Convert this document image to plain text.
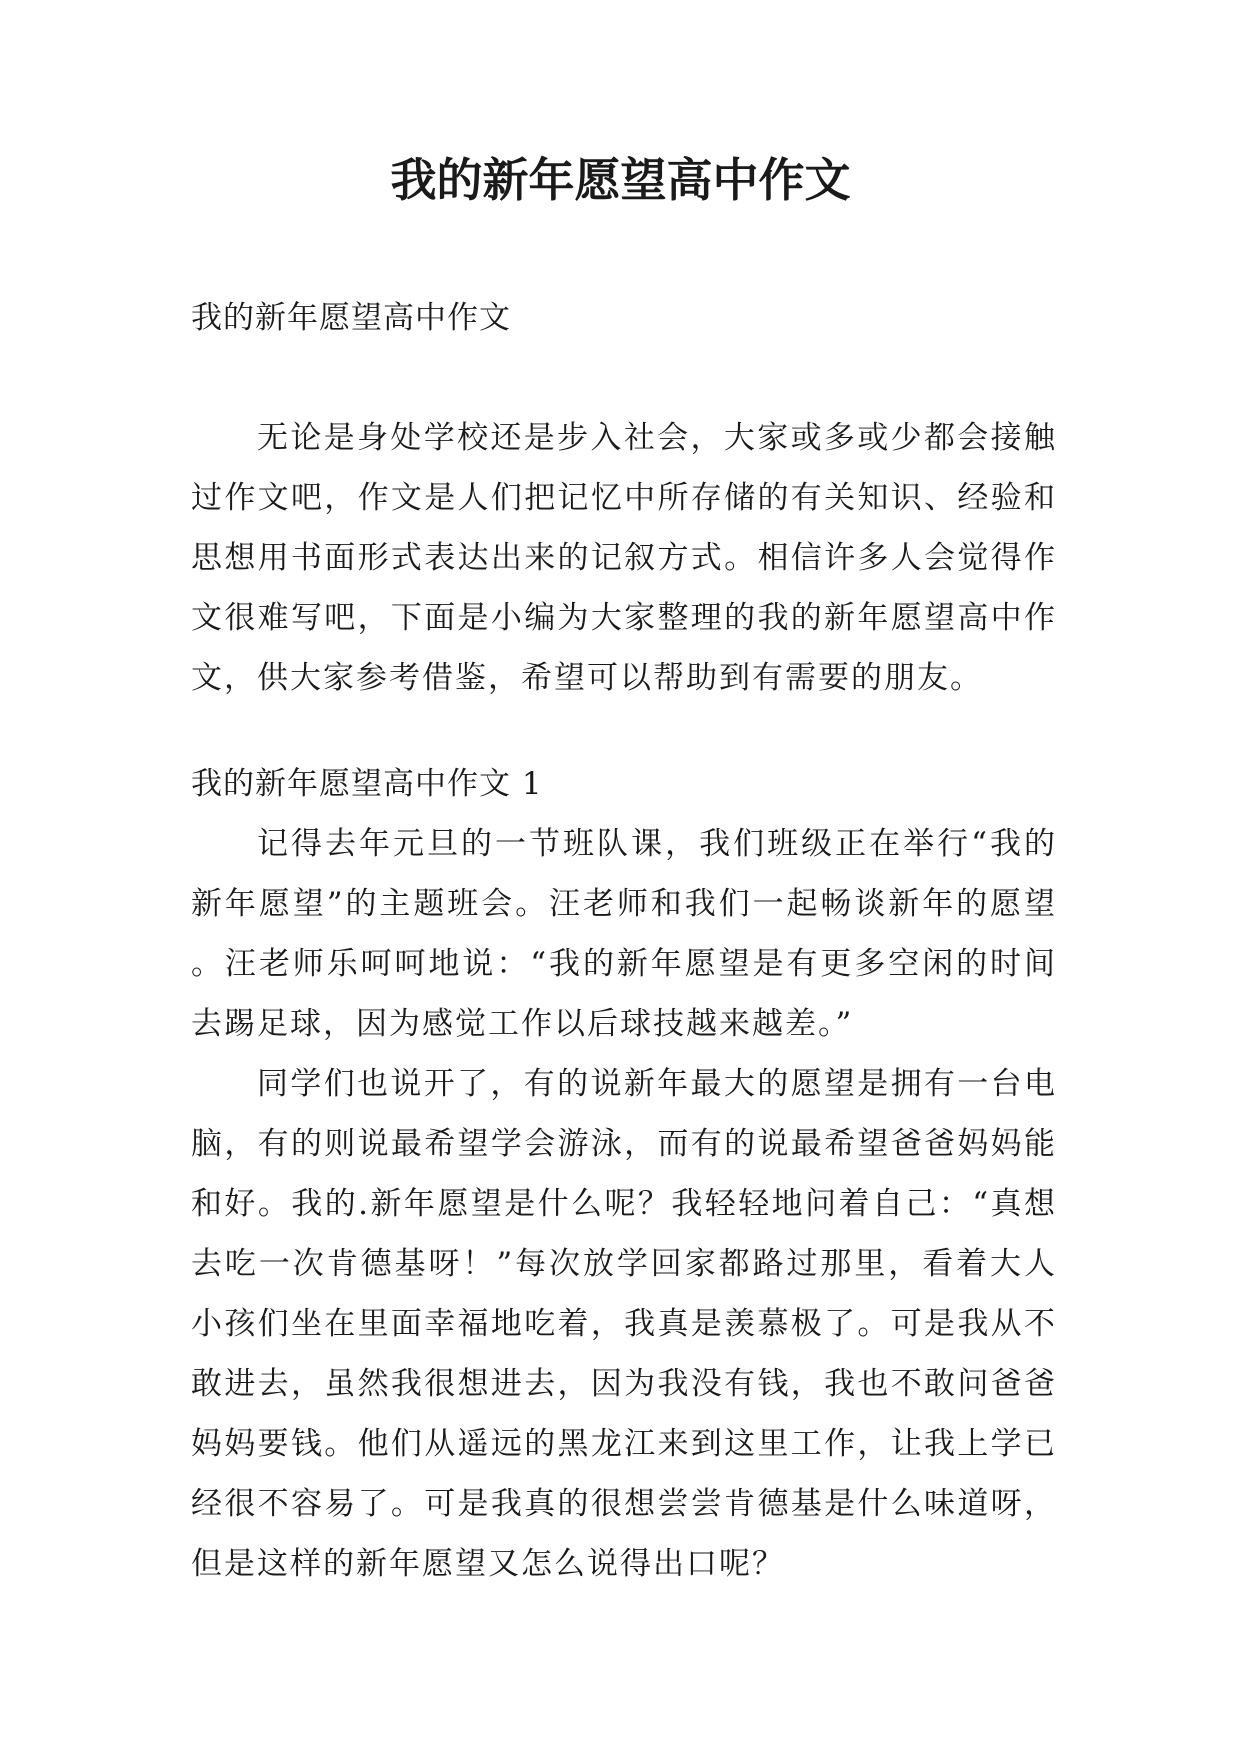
我的新年愿望高中作文

我的新年愿望高中作文

无论是身处学校还是步入社会，大家或多或少都会接触过作文吧，作文是人们把记忆中所存储的有关知识、经验和思想用书面形式表达出来的记叙方式。相信许多人会觉得作文很难写吧，下面是小编为大家整理的我的新年愿望高中作文，供大家参考借鉴，希望可以帮助到有需要的朋友。

我的新年愿望高中作文 1

记得去年元旦的一节班队课，我们班级正在举行“我的新年愿望”的主题班会。汪老师和我们一起畅谈新年的愿望。汪老师乐呵呵地说：“我的新年愿望是有更多空闲的时间去踢足球，因为感觉工作以后球技越来越差。”

同学们也说开了，有的说新年最大的愿望是拥有一台电脑，有的则说最希望学会游泳，而有的说最希望爸爸妈妈能和好。我的.新年愿望是什么呢？我轻轻地问着自己：“真想去吃一次肯德基呀！”每次放学回家都路过那里，看着大人小孩们坐在里面幸福地吃着，我真是羡慕极了。可是我从不敢进去，虽然我很想进去，因为我没有钱，我也不敢问爸爸妈妈要钱。他们从遥远的黑龙江来到这里工作，让我上学已经很不容易了。可是我真的很想尝尝肯德基是什么味道呀，但是这样的新年愿望又怎么说得出口呢？
